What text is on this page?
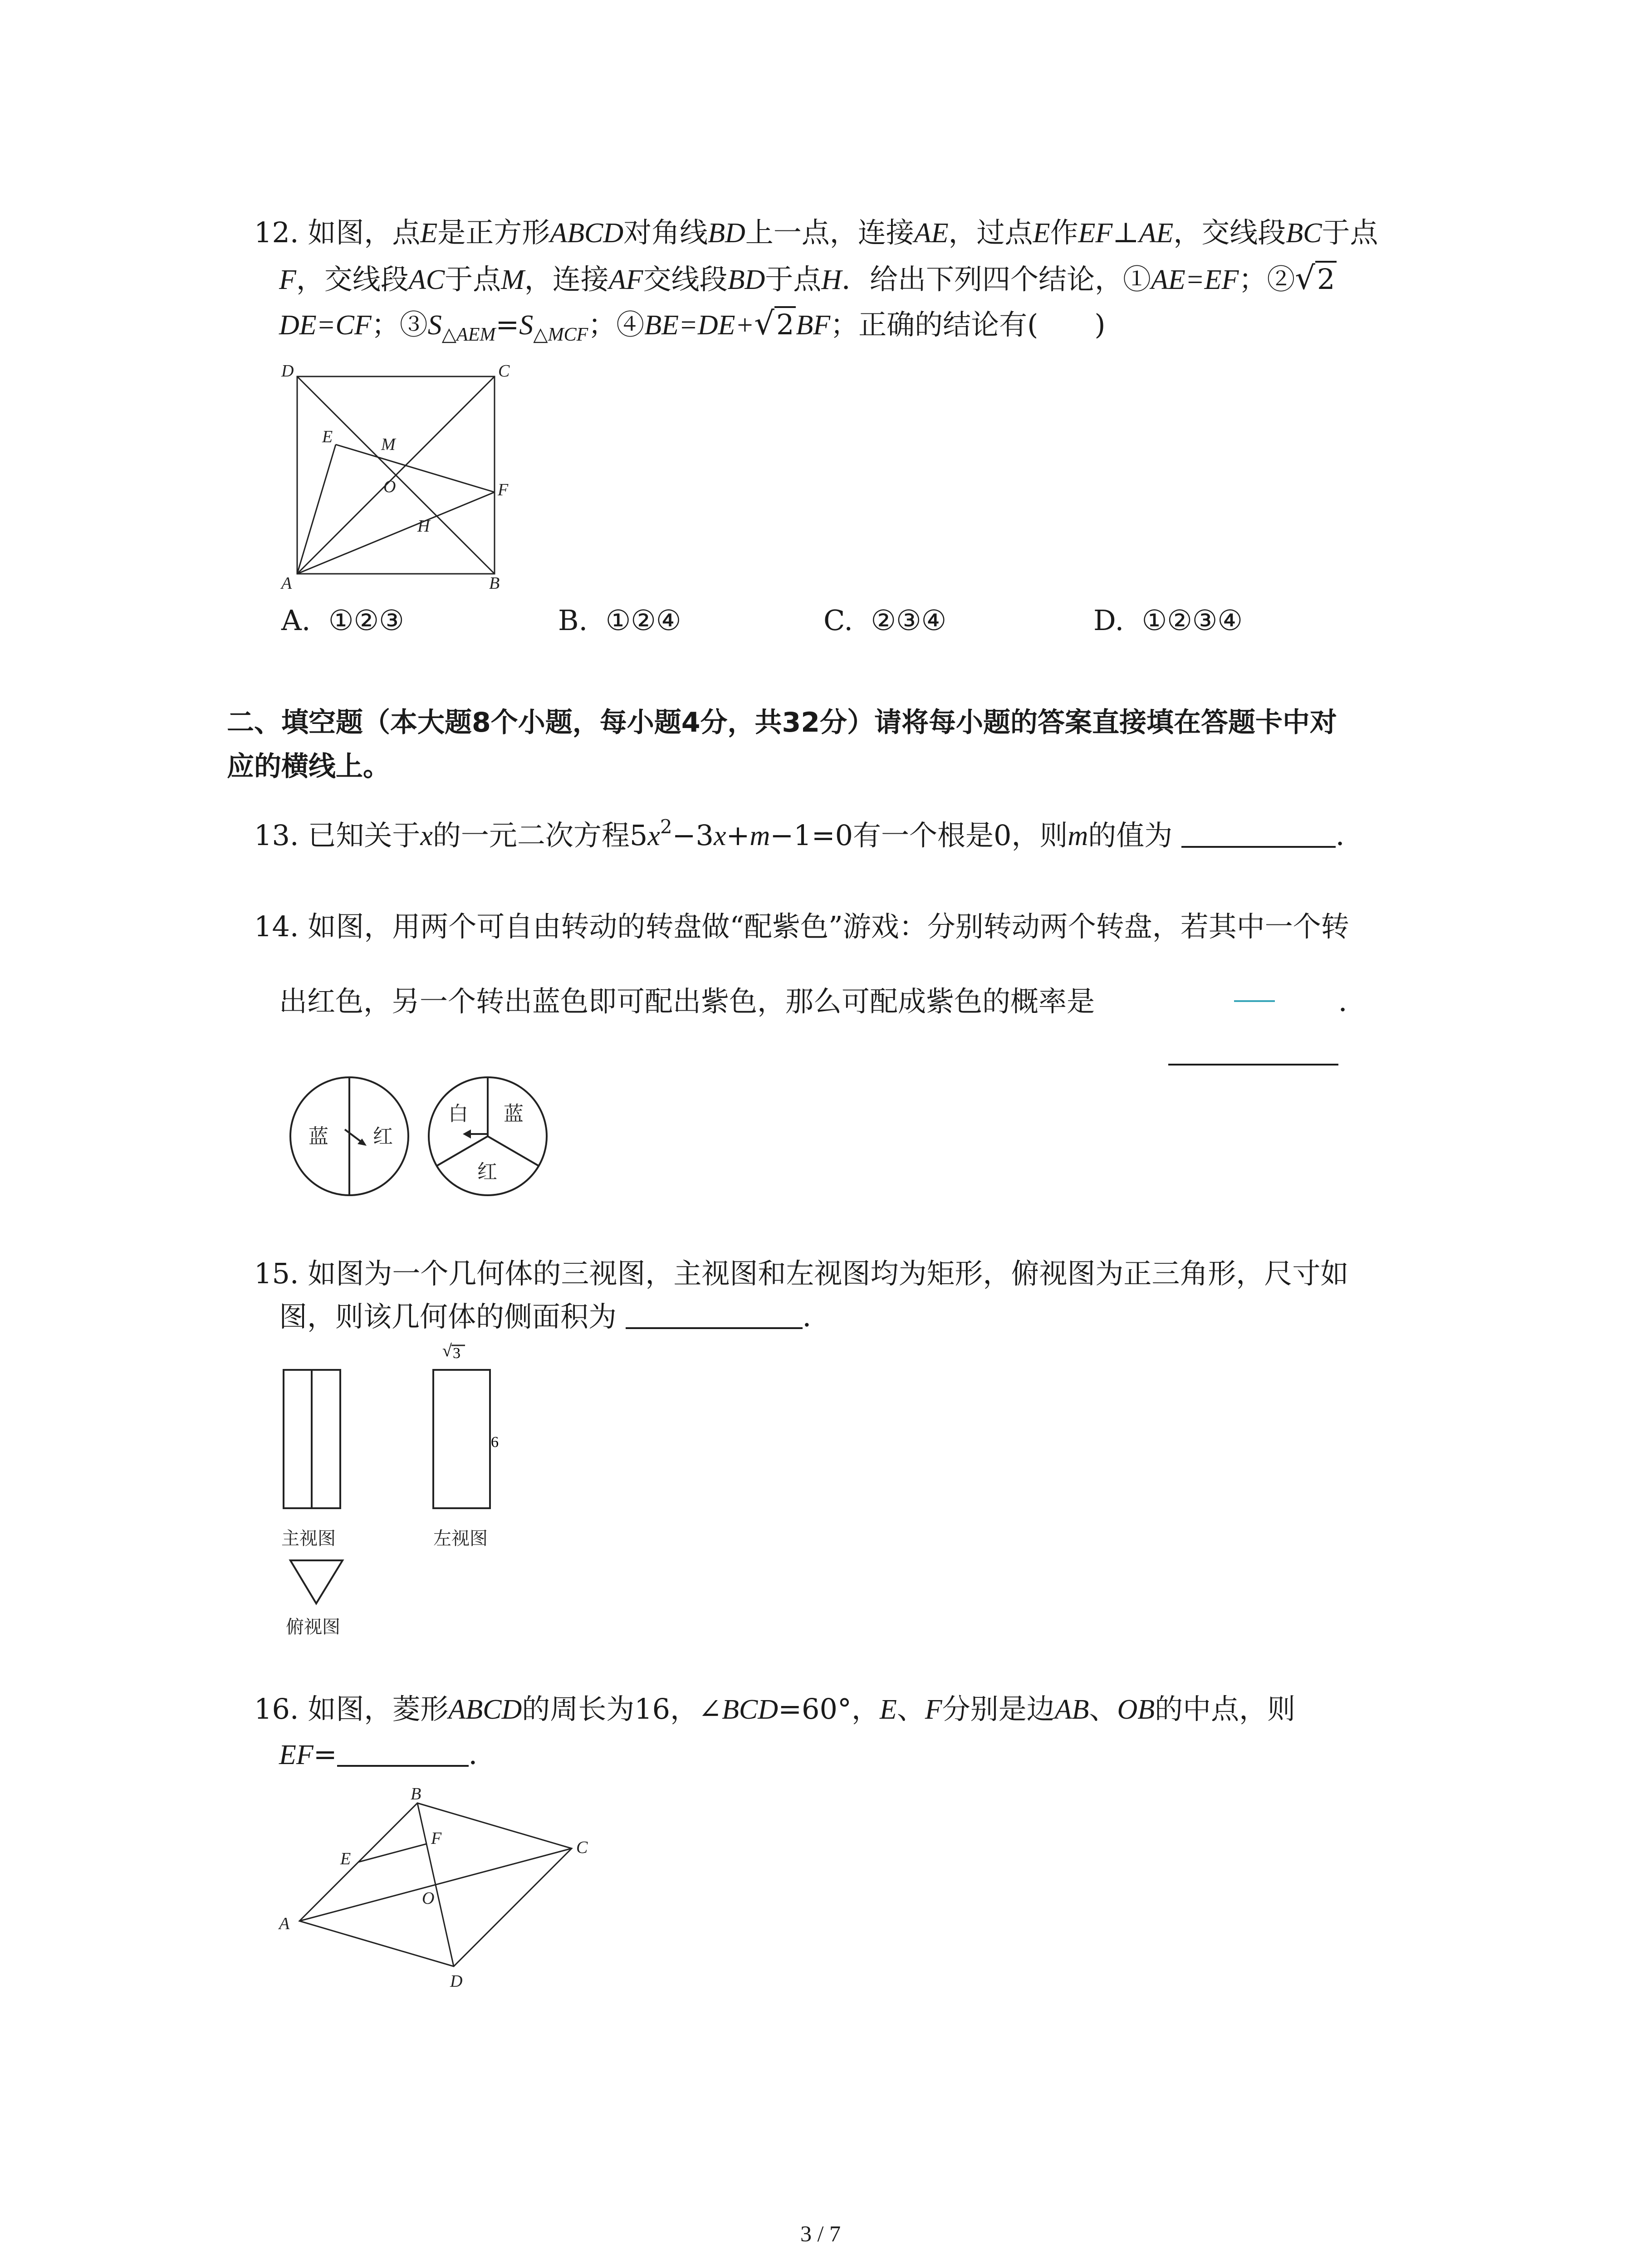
12. 如图，点E是正方形ABCD对角线BD上一点，连接AE，过点E作EF⊥AE，交线段BC于点
F，交线段AC于点M，连接AF交线段BD于点H．给出下列四个结论，①AE=EF；②√2
DE=CF；$③S_{\triangle AEM}=S_{\triangle MCF}$；④BE=DE+√2BF；正确的结论有(　　)
D	C
E	M
O	F
H
A	B
A. ①②③	B. ①②④	C. ②③④	D. ①②③④
二、填空题（本大题8个小题，每小题4分，共32分）请将每小题的答案直接填在答题卡中对
应的横线上。
13. 已知关于x的一元二次方程$5x^2-3x+m-1=0$有一个根是0，则m的值为	．
14. 如图，用两个可自由转动的转盘做“配紫色”游戏：分别转动两个转盘，若其中一个转
出红色，另一个转出蓝色即可配出紫色，那么可配成紫色的概率是	．
蓝 红
白 蓝
红
15. 如图为一个几何体的三视图，主视图和左视图均为矩形，俯视图为正三角形，尺寸如
图，则该几何体的侧面积为	．
主视图	左视图
俯视图
√ 3
6
16. 如图，菱形ABCD的周长为16，∠BCD=60°，E、F分别是边AB、OB的中点，则
EF=	．
A
B
C
D
E
F
O
3 / 7
